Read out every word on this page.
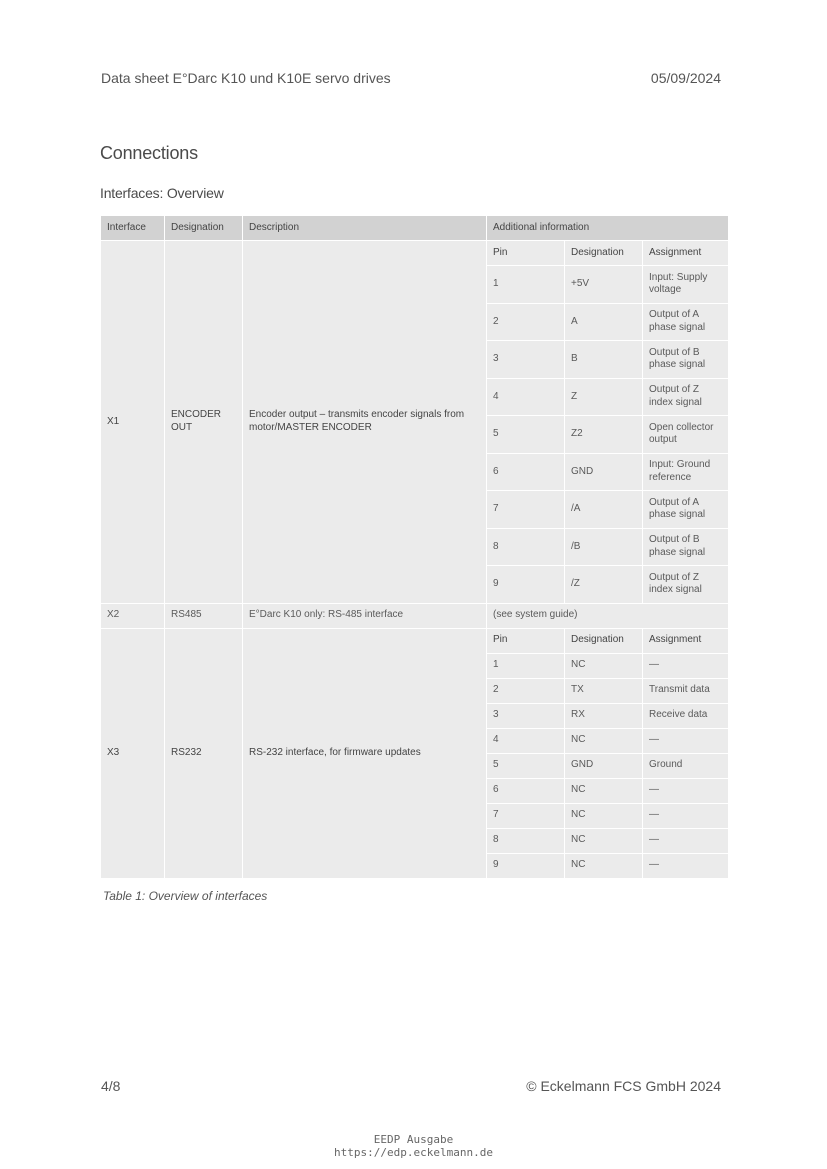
Data sheet E°Darc K10 und K10E servo drives	05/09/2024
Connections
Interfaces: Overview
Interface	Designation	Description	Additional information		
X1	ENCODER OUT	Encoder output – transmits encoder signals from motor/MASTER ENCODER	Pin	Designation	Assignment
			1	+5V	Input: Supply voltage
			2	A	Output of A phase signal
			3	B	Output of B phase signal
			4	Z	Output of Z index signal
			5	Z2	Open collector output
			6	GND	Input: Ground reference
			7	/A	Output of A phase signal
			8	/B	Output of B phase signal
			9	/Z	Output of Z index signal
X2	RS485	E°Darc K10 only: RS-485 interface	(see system guide)		
X3	RS232	RS-232 interface, for firmware updates	Pin	Designation	Assignment
			1	NC	—
			2	TX	Transmit data
			3	RX	Receive data
			4	NC	—
			5	GND	Ground
			6	NC	—
			7	NC	—
			8	NC	—
			9	NC	—
Table 1: Overview of interfaces
4/8	© Eckelmann FCS GmbH 2024
EEDP Ausgabe
https://edp.eckelmann.de
